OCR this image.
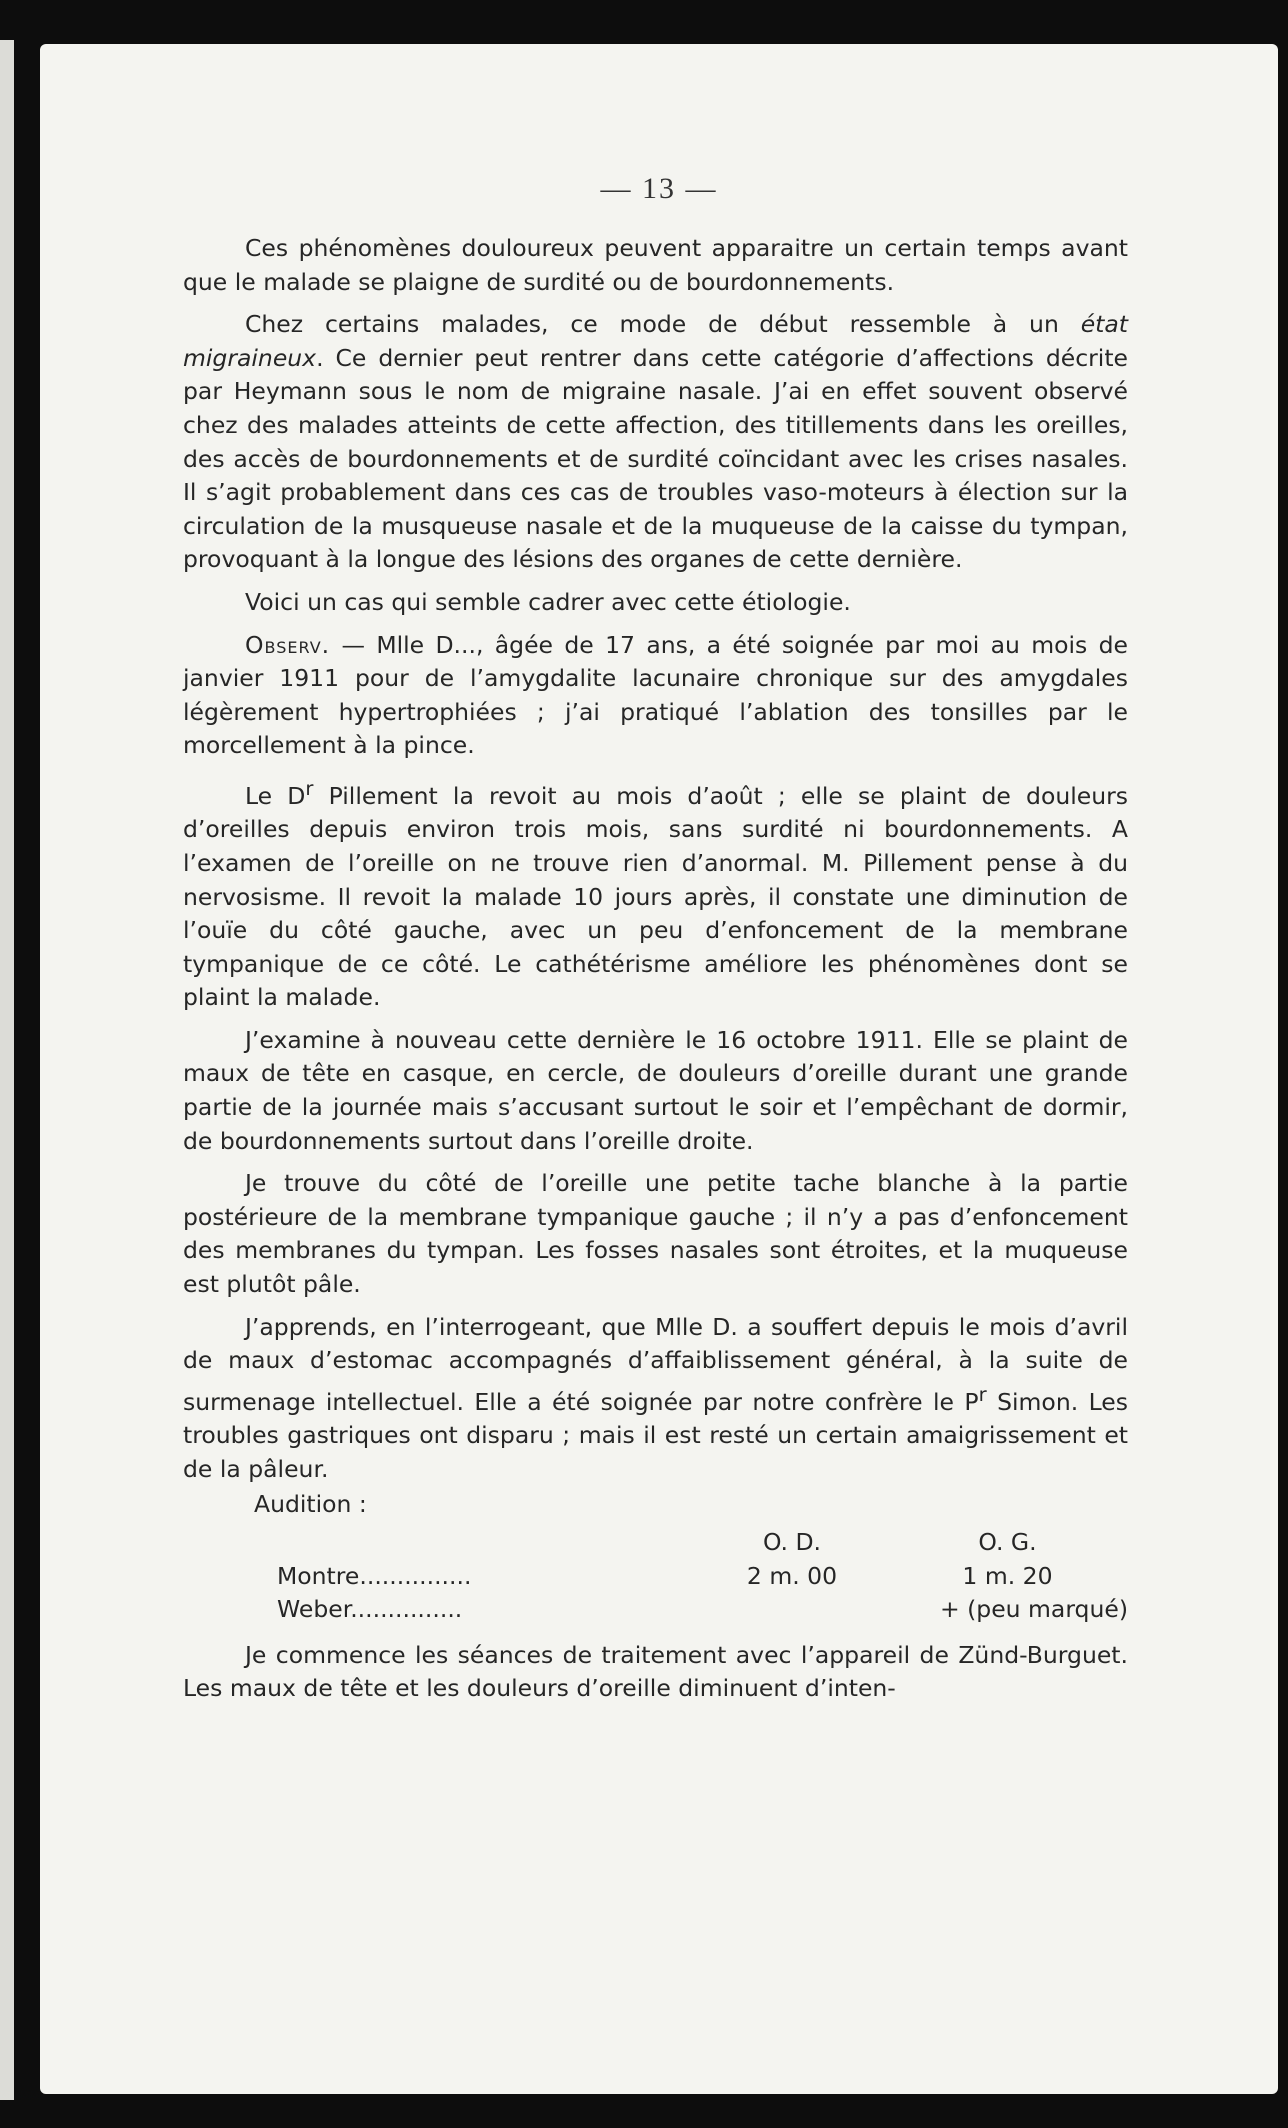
— 13 —

Ces phénomènes douloureux peuvent apparaitre un certain temps avant que le malade se plaigne de surdité ou de bourdonnements.

Chez certains malades, ce mode de début ressemble à un état migraineux. Ce dernier peut rentrer dans cette catégorie d’affections décrite par Heymann sous le nom de migraine nasale. J’ai en effet souvent observé chez des malades atteints de cette affection, des titillements dans les oreilles, des accès de bourdonnements et de surdité coïncidant avec les crises nasales. Il s’agit probablement dans ces cas de troubles vaso-moteurs à élection sur la circulation de la musqueuse nasale et de la muqueuse de la caisse du tympan, provoquant à la longue des lésions des organes de cette dernière.

Voici un cas qui semble cadrer avec cette étiologie.

Observ. — Mlle D..., âgée de 17 ans, a été soignée par moi au mois de janvier 1911 pour de l’amygdalite lacunaire chronique sur des amygdales légèrement hypertrophiées ; j’ai pratiqué l’ablation des tonsilles par le morcellement à la pince.

Le $D^r$ Pillement la revoit au mois d’août ; elle se plaint de douleurs d’oreilles depuis environ trois mois, sans surdité ni bourdonnements. A l’examen de l’oreille on ne trouve rien d’anormal. M. Pillement pense à du nervosisme. Il revoit la malade 10 jours après, il constate une diminution de l’ouïe du côté gauche, avec un peu d’enfoncement de la membrane tympanique de ce côté. Le cathétérisme améliore les phénomènes dont se plaint la malade.

J’examine à nouveau cette dernière le 16 octobre 1911. Elle se plaint de maux de tête en casque, en cercle, de douleurs d’oreille durant une grande partie de la journée mais s’accusant surtout le soir et l’empêchant de dormir, de bourdonnements surtout dans l’oreille droite.

Je trouve du côté de l’oreille une petite tache blanche à la partie postérieure de la membrane tympanique gauche ; il n’y a pas d’enfoncement des membranes du tympan. Les fosses nasales sont étroites, et la muqueuse est plutôt pâle.

J’apprends, en l’interrogeant, que Mlle D. a souffert depuis le mois d’avril de maux d’estomac accompagnés d’affaiblissement général, à la suite de surmenage intellectuel. Elle a été soignée par notre confrère le $P^r$ Simon. Les troubles gastriques ont disparu ; mais il est resté un certain amaigrissement et de la pâleur.

Audition :
	O. D.	O. G.
Montre...............	2 m. 00	1 m. 20
Weber...............		+ (peu marqué)

Je commence les séances de traitement avec l’appareil de Zünd-Burguet. Les maux de tête et les douleurs d’oreille diminuent d’inten-
